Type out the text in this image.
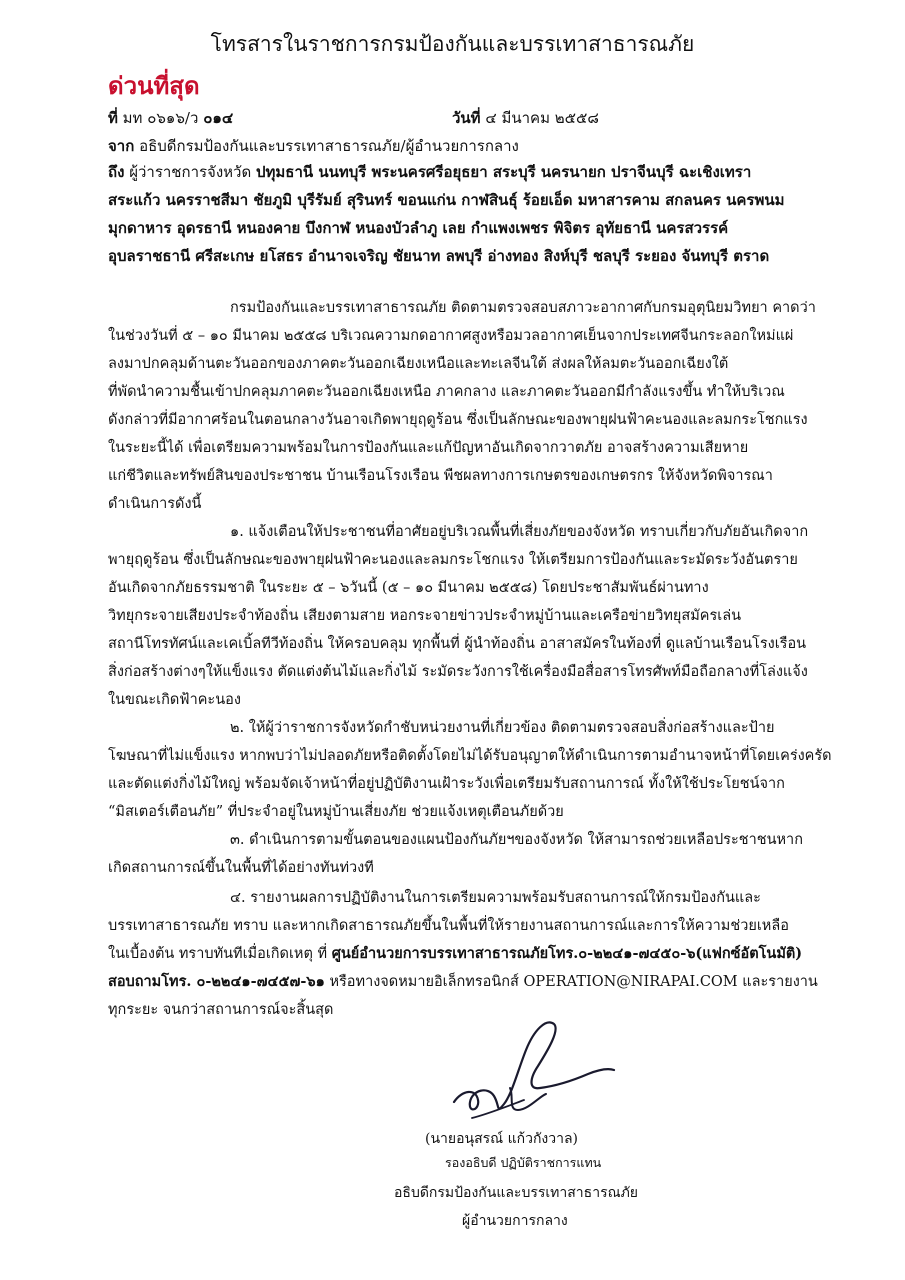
โทรสารในราชการกรมป้องกันและบรรเทาสาธารณภัย
ด่วนที่สุด
ที่ มท ๐๖๑๖/ว ๐๑๔	วันที่ ๔ มีนาคม ๒๕๕๘
จาก อธิบดีกรมป้องกันและบรรเทาสาธารณภัย/ผู้อำนวยการกลาง
ถึง ผู้ว่าราชการจังหวัด ปทุมธานี นนทบุรี พระนครศรีอยุธยา สระบุรี นครนายก ปราจีนบุรี ฉะเชิงเทรา
สระแก้ว นครราชสีมา ชัยภูมิ บุรีรัมย์ สุรินทร์ ขอนแก่น กาฬสินธุ์ ร้อยเอ็ด มหาสารคาม สกลนคร นครพนม
มุกดาหาร อุดรธานี หนองคาย บึงกาฬ หนองบัวลำภู เลย กำแพงเพชร พิจิตร อุทัยธานี นครสวรรค์
อุบลราชธานี ศรีสะเกษ ยโสธร อำนาจเจริญ ชัยนาท ลพบุรี อ่างทอง สิงห์บุรี ชลบุรี ระยอง จันทบุรี ตราด
กรมป้องกันและบรรเทาสาธารณภัย ติดตามตรวจสอบสภาวะอากาศกับกรมอุตุนิยมวิทยา คาดว่า
ในช่วงวันที่ ๕ – ๑๐ มีนาคม ๒๕๕๘ บริเวณความกดอากาศสูงหรือมวลอากาศเย็นจากประเทศจีนกระลอกใหม่แผ่
ลงมาปกคลุมด้านตะวันออกของภาคตะวันออกเฉียงเหนือและทะเลจีนใต้ ส่งผลให้ลมตะวันออกเฉียงใต้
ที่พัดนำความชื้นเข้าปกคลุมภาคตะวันออกเฉียงเหนือ ภาคกลาง และภาคตะวันออกมีกำลังแรงขึ้น ทำให้บริเวณ
ดังกล่าวที่มีอากาศร้อนในตอนกลางวันอาจเกิดพายุฤดูร้อน ซึ่งเป็นลักษณะของพายุฝนฟ้าคะนองและลมกระโชกแรง
ในระยะนี้ได้ เพื่อเตรียมความพร้อมในการป้องกันและแก้ปัญหาอันเกิดจากวาตภัย อาจสร้างความเสียหาย
แก่ชีวิตและทรัพย์สินของประชาชน บ้านเรือนโรงเรือน พืชผลทางการเกษตรของเกษตรกร ให้จังหวัดพิจารณา
ดำเนินการดังนี้
๑. แจ้งเตือนให้ประชาชนที่อาศัยอยู่บริเวณพื้นที่เสี่ยงภัยของจังหวัด ทราบเกี่ยวกับภัยอันเกิดจาก
พายุฤดูร้อน ซึ่งเป็นลักษณะของพายุฝนฟ้าคะนองและลมกระโชกแรง ให้เตรียมการป้องกันและระมัดระวังอันตราย
อันเกิดจากภัยธรรมชาติ ในระยะ ๕ – ๖วันนี้ (๕ – ๑๐ มีนาคม ๒๕๕๘) โดยประชาสัมพันธ์ผ่านทาง
วิทยุกระจายเสียงประจำท้องถิ่น เสียงตามสาย หอกระจายข่าวประจำหมู่บ้านและเครือข่ายวิทยุสมัครเล่น
สถานีโทรทัศน์และเคเบิ้ลทีวีท้องถิ่น ให้ครอบคลุม ทุกพื้นที่ ผู้นำท้องถิ่น อาสาสมัครในท้องที่ ดูแลบ้านเรือนโรงเรือน
สิ่งก่อสร้างต่างๆให้แข็งแรง ตัดแต่งต้นไม้และกิ่งไม้ ระมัดระวังการใช้เครื่องมือสื่อสารโทรศัพท์มือถือกลางที่โล่งแจ้ง
ในขณะเกิดฟ้าคะนอง
๒. ให้ผู้ว่าราชการจังหวัดกำชับหน่วยงานที่เกี่ยวข้อง ติดตามตรวจสอบสิ่งก่อสร้างและป้าย
โฆษณาที่ไม่แข็งแรง หากพบว่าไม่ปลอดภัยหรือติดตั้งโดยไม่ได้รับอนุญาตให้ดำเนินการตามอำนาจหน้าที่โดยเคร่งครัด
และตัดแต่งกิ่งไม้ใหญ่ พร้อมจัดเจ้าหน้าที่อยู่ปฏิบัติงานเฝ้าระวังเพื่อเตรียมรับสถานการณ์ ทั้งให้ใช้ประโยชน์จาก
“มิสเตอร์เตือนภัย” ที่ประจำอยู่ในหมู่บ้านเสี่ยงภัย ช่วยแจ้งเหตุเตือนภัยด้วย
๓. ดำเนินการตามขั้นตอนของแผนป้องกันภัยฯของจังหวัด ให้สามารถช่วยเหลือประชาชนหาก
เกิดสถานการณ์ขึ้นในพื้นที่ได้อย่างทันท่วงที
๔. รายงานผลการปฏิบัติงานในการเตรียมความพร้อมรับสถานการณ์ให้กรมป้องกันและ
บรรเทาสาธารณภัย ทราบ และหากเกิดสาธารณภัยขึ้นในพื้นที่ให้รายงานสถานการณ์และการให้ความช่วยเหลือ
ในเบื้องต้น ทราบทันทีเมื่อเกิดเหตุ ที่ ศูนย์อำนวยการบรรเทาสาธารณภัยโทร.๐-๒๒๔๑-๗๔๕๐-๖(แฟกซ์อัตโนมัติ)
สอบถามโทร. ๐-๒๒๔๑-๗๔๕๗-๖๑ หรือทางจดหมายอิเล็กทรอนิกส์ OPERATION@NIRAPAI.COM และรายงาน
ทุกระยะ จนกว่าสถานการณ์จะสิ้นสุด
(นายอนุสรณ์ แก้วกังวาล)
รองอธิบดี ปฏิบัติราชการแทน
อธิบดีกรมป้องกันและบรรเทาสาธารณภัย
ผู้อำนวยการกลาง
